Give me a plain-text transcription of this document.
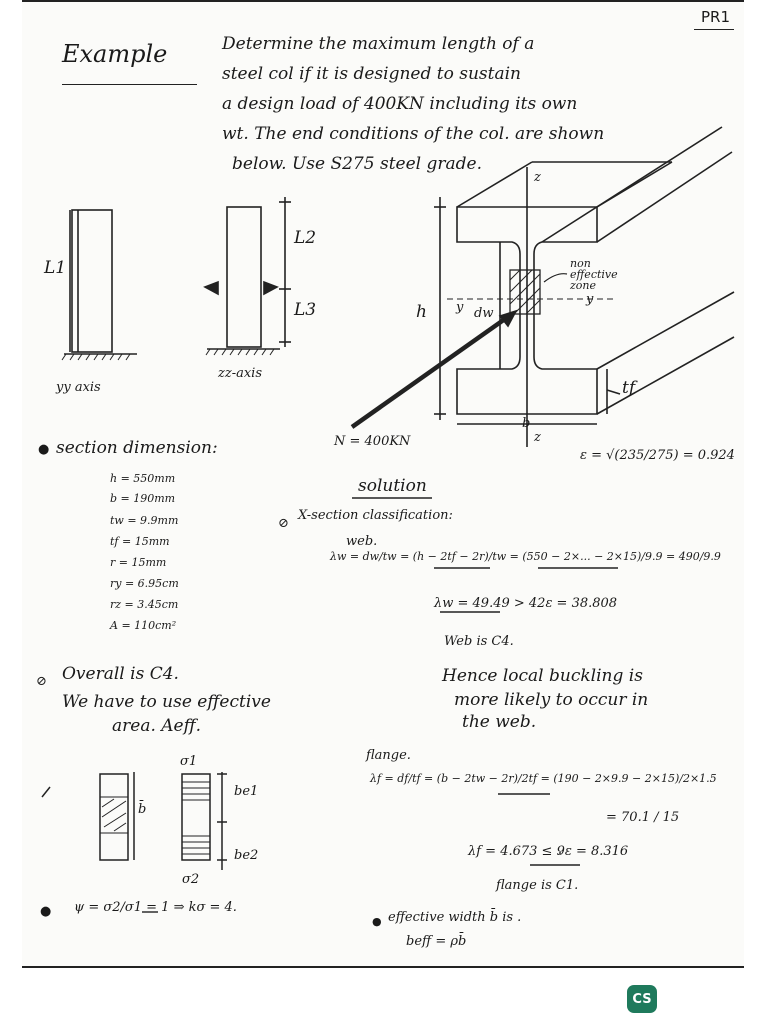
PR1
Example	Determine the maximum length of a
steel col if it is designed to sustain
a design load of 400KN including its own
wt. The end conditions of the col. are shown
below. Use S275 steel grade.
L1
L2
L3
yy axis
zz-axis
z
z
h y
y
dw
b
tf
non effective zone
N = 400KN
ε = √(235/275) = 0.924
● section dimension:
h = 550mm
b = 190mm
tw = 9.9mm
tf = 15mm
r = 15mm
ry = 6.95cm
rz = 3.45cm
A = 110cm²
solution
⊘
X-section classification:
web.
λw = dw/tw = (h − 2tf − 2r)/tw = (550 − 2×... − 2×15)/9.9 = 490/9.9
λw = 49.49 > 42ε = 38.808
Web is C4.
Hence local buckling is
more likely to occur in
the web.
flange.
λf = df/tf = (b − 2tw − 2r)/2tf = (190 − 2×9.9 − 2×15)/2×1.5
= 70.1 / 15
λf = 4.673 ≤ 9ε = 8.316
flange is C1.
⊘ Overall is C4.
We have to use effective
area. Aeff.
σ1
σ2
be1
be2
b̄
● ψ = σ2/σ1 = 1 ⇒ kσ = 4.
● effective width b̄ is .
beff = ρb̄
CS
